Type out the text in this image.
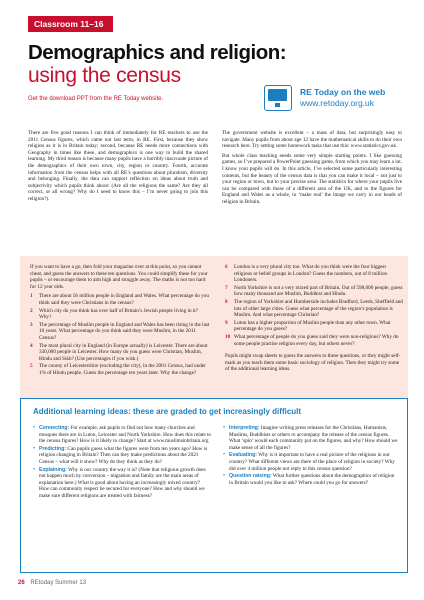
Classroom 11–16
Demographics and religion:
using the census
Get the download PPT from the RE Today website.
RE Today on the web
www.retoday.org.uk

There are five good reasons I can think of immediately for RE teachers to use the 2011 Census figures, which came out last term, in RE. First, because they show religion as it is in Britain today; second, because RE needs more connections with Geography in times like these, and demographics is one way to build the shared learning. My third reason is because many pupils have a horribly inaccurate picture of the demographics of their own town, city, region or country. Fourth, accurate information from the census helps with all RE’s questions about pluralism, diversity and belonging. Finally, the data can support reflection on ideas about truth and subjectivity which pupils think about: (Are all the religions the same? Are they all correct, or all wrong? Why do I need to know this – I’m never going to join this religion?).

The government website is excellent – a mass of data, but surprisingly easy to navigate. Many pupils from about age 12 have the mathematical skills to do their own research here. Try setting some homework tasks that use this: www.statistics.gov.uk.

But whole class teaching needs some very simple starting points. I like guessing games, so I’ve prepared a PowerPoint guessing game, from which you may learn a lot. I know your pupils will do. In this article, I’ve selected some particularly interesting contents, but the beauty of the census data is that you can make it local – not just to your region or town, but to your precise area. The statistics for where your pupils live can be compared with those of a different area of the UK, and to the figures for England and Wales as a whole, to ‘make real’ the image we carry in our heads of religion in Britain.

If you want to have a go, then fold your magazine over at this point, so you cannot cheat, and guess the answers to these ten questions. You could simplify these for your pupils – or encourage them to aim high and struggle away. The maths is not too hard for 12 year olds.

1	There are about 56 million people in England and Wales. What percentage do you think said they were Christians in the census?
2	Which city do you think has over half of Britain’s Jewish people living in it? Why?
3	The percentage of Muslim people in England and Wales has been rising in the last 10 years. What percentage do you think said they were Muslim, in the 2011 Census?
4	The most plural city in England (in Europe actually) is Leicester. There are about 330,000 people in Leicester. How many do you guess were Christian, Muslim, Hindu and Sikh? (Use percentages if you wish.)
5	The county of Leicestershire (excluding the city), in the 2001 Census, had under 1% of Hindu people. Guess the percentage ten years later. Why the change?
6	London is a very plural city too. What do you think were the four biggest religious or belief groups in London? Guess the numbers, out of 8 million Londoners.
7	North Yorkshire is not a very mixed part of Britain. Out of 598,000 people, guess how many thousand are Muslim, Buddhist and Hindu.
8	The region of Yorkshire and Humberside includes Bradford, Leeds, Sheffield and lots of other large cities. Guess what percentage of the region’s population is Muslim. And what percentage Christian?
9	Luton has a higher proportion of Muslim people than any other town. What percentage do you guess?
10 What percentage of people do you guess said they were non-religious? Why do some people practise religion every day, but others never?

Pupils might swap sheets to guess the answers to these questions, or they might self-mark as you teach them some basic sociology of religion. Then they might try some of the additional learning ideas.

Additional learning ideas: these are graded to get increasingly difficult
• Connecting: For example, ask pupils to find out how many churches and mosques there are in Luton, Leicester and North Yorkshire. How does this relate to the census figures? How is it likely to change? Start at www.muslimsinbritain.org
• Predicting: Can pupils guess what the figures were from ten years ago? How is religion changing in Britain? Then can they make predictions about the 2021 Census – what will it show? Why do they think as they do?
• Explaining: Why is our country the way it is? (Note that religious growth does not happen much by conversion – migration and family are the main areas of explanation here.) What is good about having an increasingly mixed country? How can community respect be secured for everyone? How and why should we make sure different religions are treated with fairness?
• Interpreting: Imagine writing press releases for the Christians, Humanists, Muslims, Buddhists or others to accompany the release of the census figures. What ‘spin’ would each community put on the figures, and why? How should we make sense of all the figures?
• Evaluating: Why is it important to have a real picture of the religions in our country? What different views are there of the place of religion in society? Why did over 4 million people not reply to this census question?
• Question raising: What further questions about the demographics of religion in Britain would you like to ask? Where could you go for answers?
26 REtoday Summer 13
